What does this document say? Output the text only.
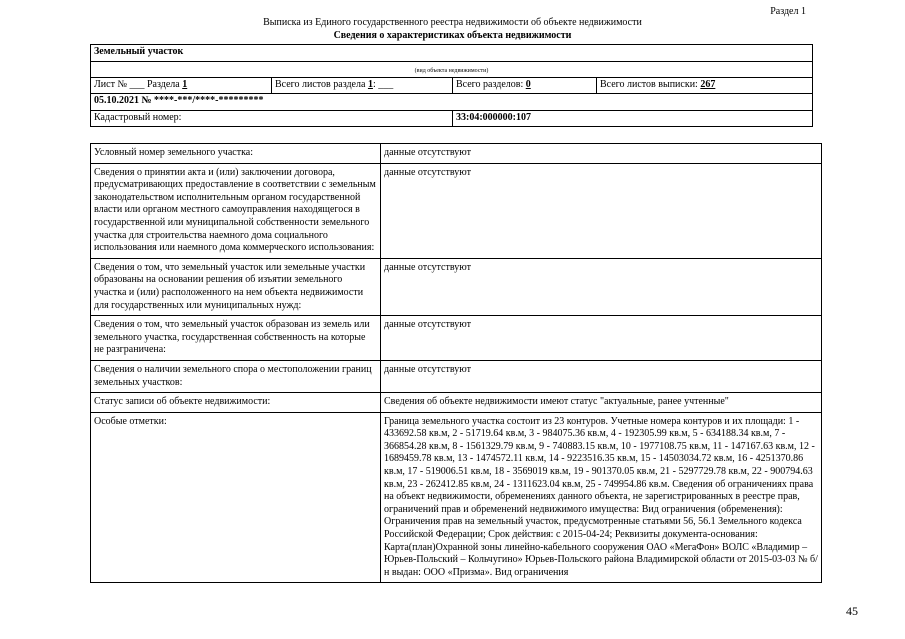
Раздел 1
Выписка из Единого государственного реестра недвижимости об объекте недвижимости
Сведения о характеристиках объекта недвижимости
Земельный участок
(вид объекта недвижимости)
Лист № ___ Раздела 1	Всего листов раздела 1: ___	Всего разделов: 0	Всего листов выписки: 267
05.10.2021 № ****-***/****-*********
Кадастровый номер:	33:04:000000:107
Условный номер земельного участка:	данные отсутствуют
Сведения о принятии акта и (или) заключении договора, предусматривающих предоставление в соответствии с земельным законодательством исполнительным органом государственной власти или органом местного самоуправления находящегося в государственной или муниципальной собственности земельного участка для строительства наемного дома социального использования или наемного дома коммерческого использования:	данные отсутствуют
Сведения о том, что земельный участок или земельные участки образованы на основании решения об изъятии земельного участка и (или) расположенного на нем объекта недвижимости для государственных или муниципальных нужд:	данные отсутствуют
Сведения о том, что земельный участок образован из земель или земельного участка, государственная собственность на которые не разграничена:	данные отсутствуют
Сведения о наличии земельного спора о местоположении границ земельных участков:	данные отсутствуют
Статус записи об объекте недвижимости:	Сведения об объекте недвижимости имеют статус "актуальные, ранее учтенные"
Особые отметки:	Граница земельного участка состоит из 23 контуров. Учетные номера контуров и их площади: 1 - 433692.58 кв.м, 2 - 51719.64 кв.м, 3 - 984075.36 кв.м, 4 - 192305.99 кв.м, 5 - 634188.34 кв.м, 7 - 366854.28 кв.м, 8 - 1561329.79 кв.м, 9 - 740883.15 кв.м, 10 - 1977108.75 кв.м, 11 - 147167.63 кв.м, 12 - 1689459.78 кв.м, 13 - 1474572.11 кв.м, 14 - 9223516.35 кв.м, 15 - 14503034.72 кв.м, 16 - 4251370.86 кв.м, 17 - 519006.51 кв.м, 18 - 3569019 кв.м, 19 - 901370.05 кв.м, 21 - 5297729.78 кв.м, 22 - 900794.63 кв.м, 23 - 262412.85 кв.м, 24 - 1311623.04 кв.м, 25 - 749954.86 кв.м. Сведения об ограничениях права на объект недвижимости, обременениях данного объекта, не зарегистрированных в реестре прав, ограничений прав и обременений недвижимого имущества: Вид ограничения (обременения): Ограничения прав на земельный участок, предусмотренные статьями 56, 56.1 Земельного кодекса Российской Федерации; Срок действия: с 2015-04-24; Реквизиты документа-основания: Карта(план)Охранной зоны линейно-кабельного сооружения ОАО «МегаФон» ВОЛС «Владимир – Юрьев-Польский – Кольчугино» Юрьев-Польского района Владимирской области от 2015-03-03 № б/н выдан: ООО «Призма». Вид ограничения
45
